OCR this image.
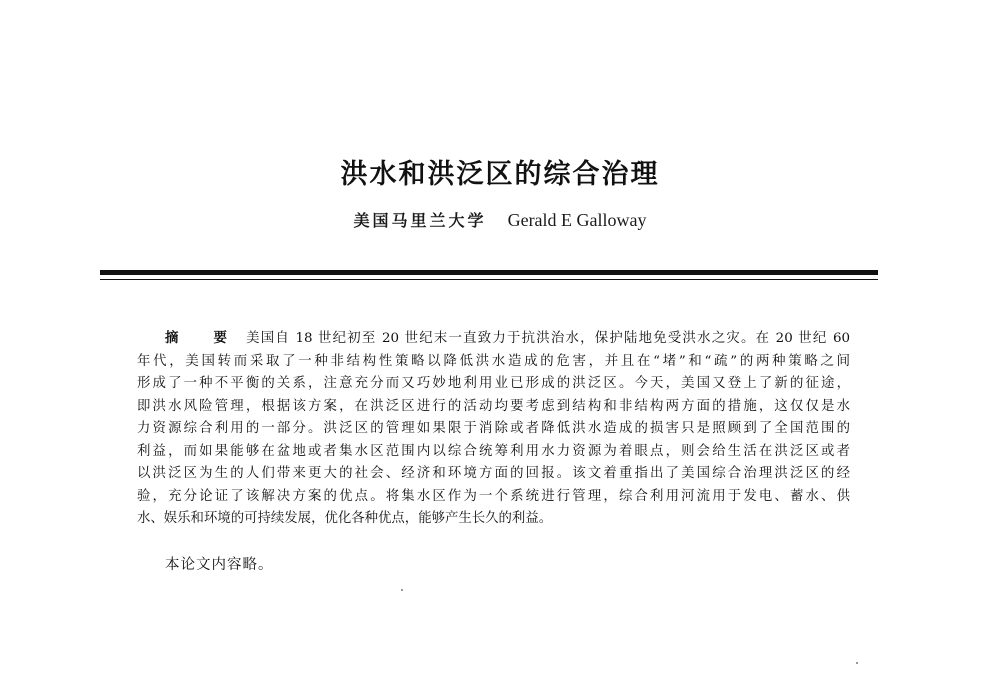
洪水和洪泛区的综合治理
美国马里兰大学 Gerald E Galloway
摘 要 美国自 18 世纪初至 20 世纪末一直致力于抗洪治水，保护陆地免受洪水之灾。在 20 世纪 60
年代，美国转而采取了一种非结构性策略以降低洪水造成的危害，并且在“堵”和“疏”的两种策略之间
形成了一种不平衡的关系，注意充分而又巧妙地利用业已形成的洪泛区。今天，美国又登上了新的征途，
即洪水风险管理，根据该方案，在洪泛区进行的活动均要考虑到结构和非结构两方面的措施，这仅仅是水
力资源综合利用的一部分。洪泛区的管理如果限于消除或者降低洪水造成的损害只是照顾到了全国范围的
利益，而如果能够在盆地或者集水区范围内以综合统筹利用水力资源为着眼点，则会给生活在洪泛区或者
以洪泛区为生的人们带来更大的社会、经济和环境方面的回报。该文着重指出了美国综合治理洪泛区的经
验，充分论证了该解决方案的优点。将集水区作为一个系统进行管理，综合利用河流用于发电、蓄水、供
水、娱乐和环境的可持续发展，优化各种优点，能够产生长久的利益。
本论文内容略。
